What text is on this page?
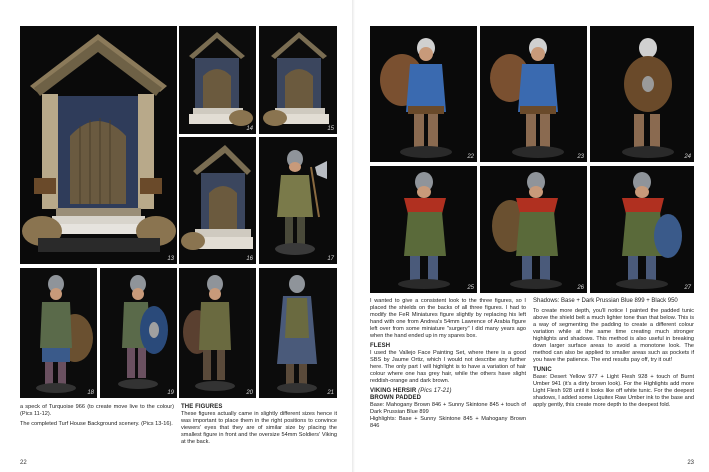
13
14	15
16	17
18	19	20	21

a speck of Turquoise 966 (to create move live to the colour) (Pics 11-12).

The completed Turf House Background scenery. (Pics 13-16).

THE FIGURES

These figures actually came in slightly different sizes hence it was important to place them in the right positions to convince viewers' eyes that they are of similar size by placing the smallest figure in front and the oversize 54mm Soldiers' Viking at the back.

22
22	23	24
25	26	27

I wanted to give a consistent look to the three figures, so I placed the shields on the backs of all three figures. I had to modify the FeR Miniatures figure slightly by replacing his left hand with one from Andrea's 54mm Lawrence of Arabia figure left over from some miniature "surgery" I did many years ago when the hand ended up in my spares box.

FLESH

I used the Vallejo Face Painting Set, where there is a good SBS by Jaume Ortiz, which I would not describe any further here. The only part I will highlight is to have a variation of hair colour where one has grey hair, while the others have slight reddish-orange and dark brown.

VIKING HERSIR (Pics 17-21)
BROWN PADDED

Base: Mahogany Brown 846 + Sunny Skintone 845 + touch of Dark Prussian Blue 899

Highlights: Base + Sunny Skintone 845 + Mahogany Brown 846

Shadows: Base + Dark Prussian Blue 899 + Black 950

To create more depth, you'll notice I painted the padded tunic above the shield belt a much lighter tone than that below. This is a way of segmenting the padding to create a different colour variation while at the same time creating much stronger highlights and shadows. This method is also useful in breaking down larger surface areas to avoid a monotone look. The method can also be applied to smaller areas such as pockets if you have the patience. The end results pay off, try it out!

TUNIC

Base: Desert Yellow 977 + Light Flesh 928 + touch of Burnt Umber 941 (it's a dirty brown look). For the Highlights add more Light Flesh 928 until it looks like off white tunic. For the deepest shadows, I added some Liquitex Raw Umber ink to the base and apply gently, this create more depth to the deepest fold.

23
